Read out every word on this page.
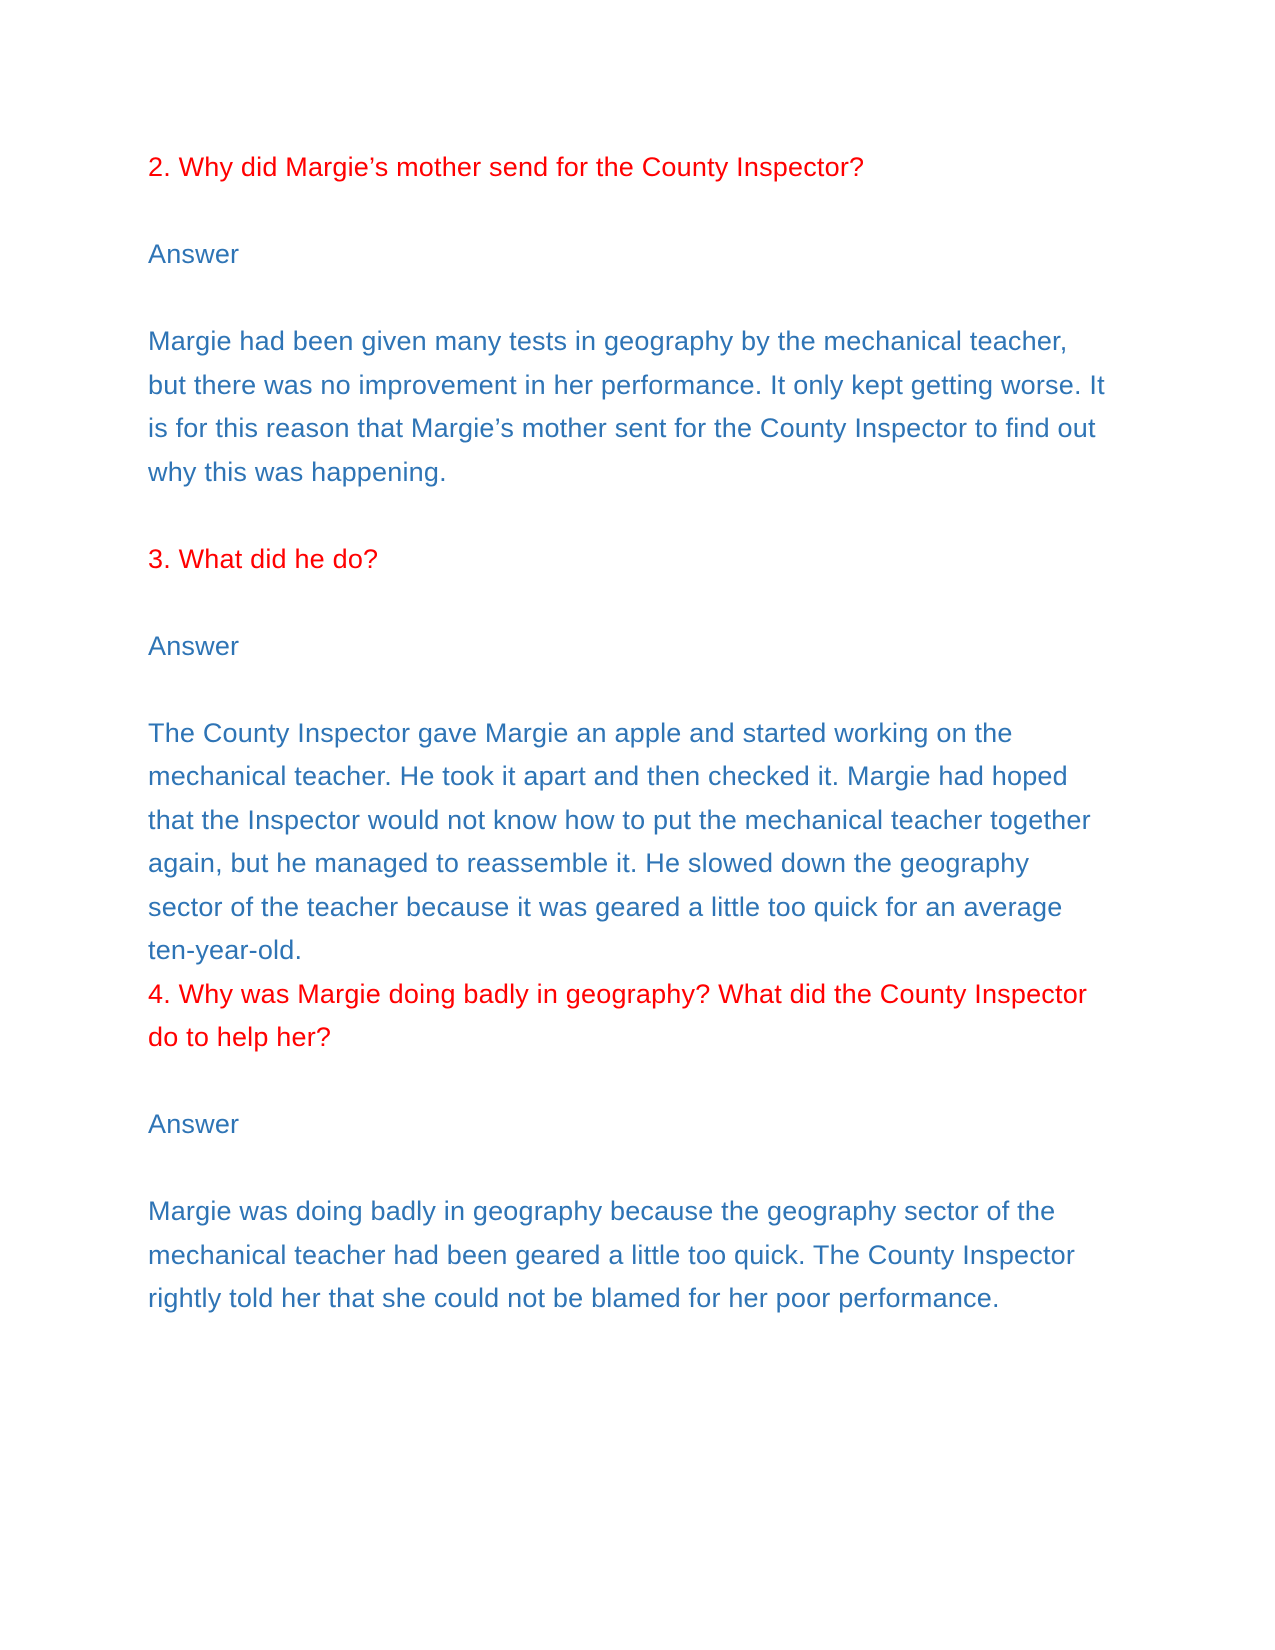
2. Why did Margie’s mother send for the County Inspector?

Answer

Margie had been given many tests in geography by the mechanical teacher, but there was no improvement in her performance. It only kept getting worse. It is for this reason that Margie’s mother sent for the County Inspector to find out why this was happening.

3. What did he do?

Answer

The County Inspector gave Margie an apple and started working on the mechanical teacher. He took it apart and then checked it. Margie had hoped that the Inspector would not know how to put the mechanical teacher together again, but he managed to reassemble it. He slowed down the geography sector of the teacher because it was geared a little too quick for an average ten-year-old.

4. Why was Margie doing badly in geography? What did the County Inspector do to help her?

Answer

Margie was doing badly in geography because the geography sector of the mechanical teacher had been geared a little too quick. The County Inspector rightly told her that she could not be blamed for her poor performance.
